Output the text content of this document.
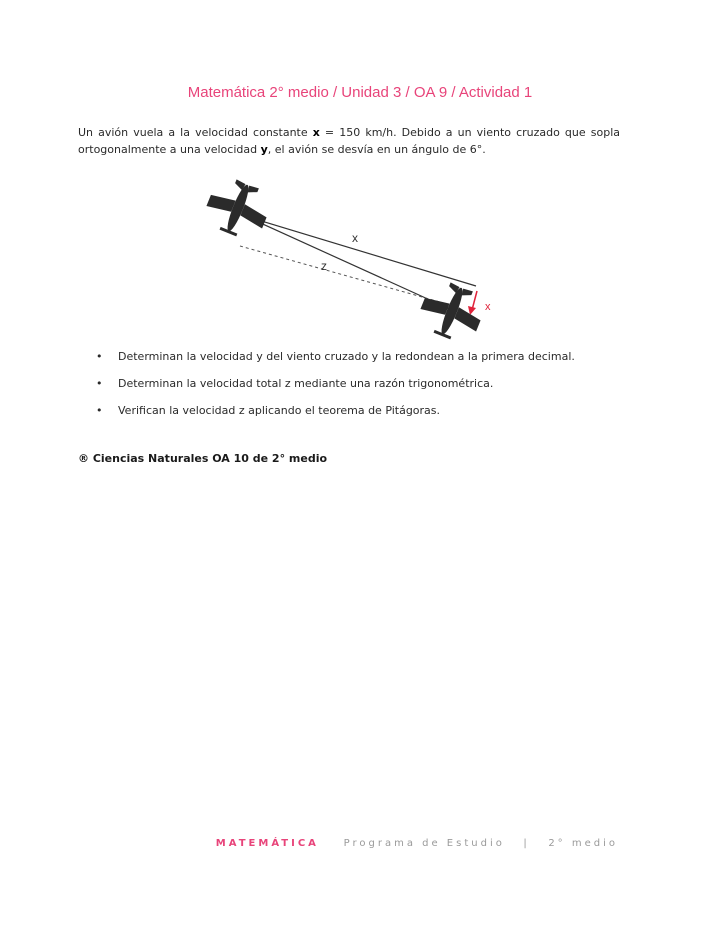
Matemática 2° medio / Unidad 3 / OA 9 / Actividad 1
Un avión vuela a la velocidad constante x = 150 km/h. Debido a un viento cruzado que sopla ortogonalmente a una velocidad y, el avión se desvía en un ángulo de 6°.
x
z
x
• Determinan la velocidad y del viento cruzado y la redondean a la primera decimal.
• Determinan la velocidad total z mediante una razón trigonométrica.
• Verifican la velocidad z aplicando el teorema de Pitágoras.
® Ciencias Naturales OA 10 de 2° medio
MATEMÁTICA Programa de Estudio | 2° medio
